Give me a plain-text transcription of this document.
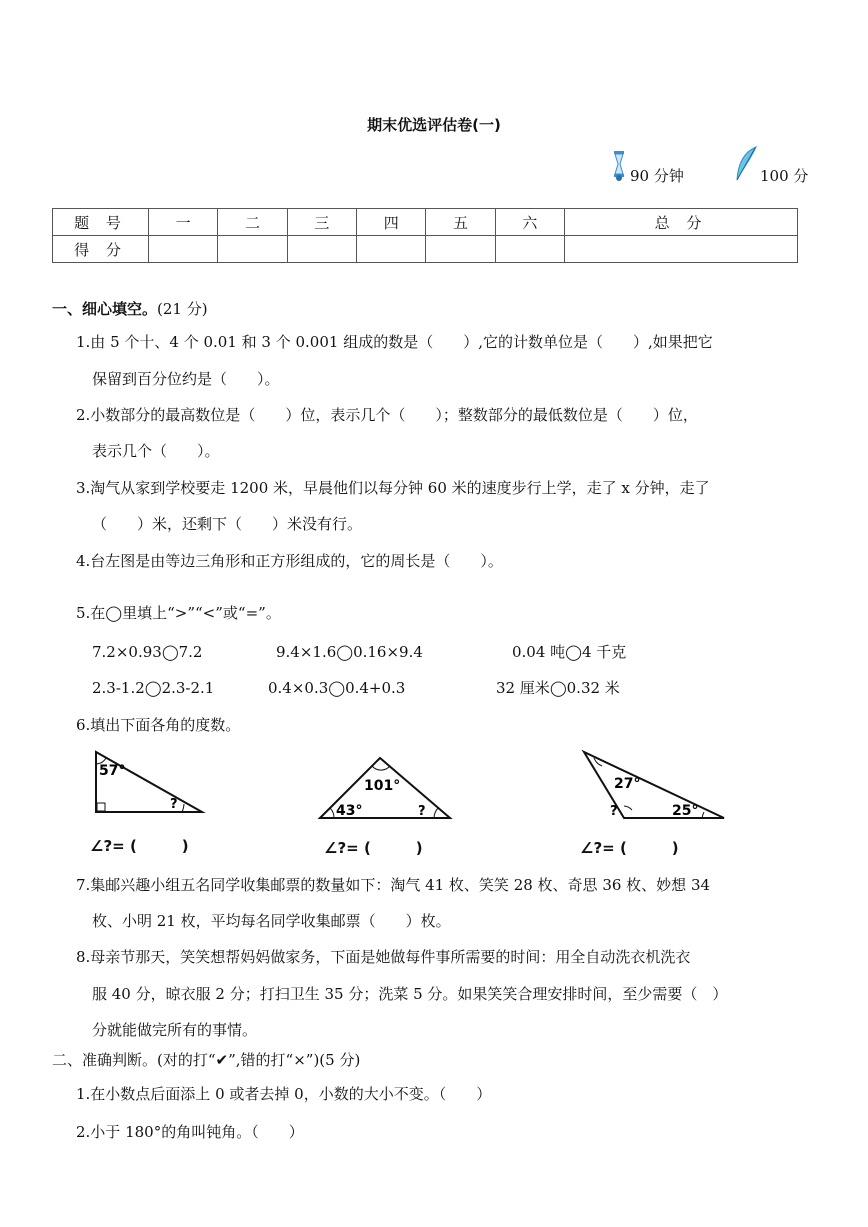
期末优选评估卷(一)
90 分钟	100 分
题 号	一	二	三	四	五	六	总 分
得 分							
一、细心填空。(21 分)
1.由 5 个十、4 个 0.01 和 3 个 0.001 组成的数是（　　）,它的计数单位是（　　）,如果把它
保留到百分位约是（　　）。
2.小数部分的最高数位是（　　）位，表示几个（　　）；整数部分的最低数位是（　　）位，
表示几个（　　）。
3.淘气从家到学校要走 1200 米，早晨他们以每分钟 60 米的速度步行上学，走了 x 分钟，走了
（　　）米，还剩下（　　）米没有行。
4.台左图是由等边三角形和正方形组成的，它的周长是（　　）。
5.在◯里填上“>”“<”或“=”。
7.2×0.93◯7.2	9.4×1.6◯0.16×9.4	0.04 吨◯4 千克
2.3-1.2◯2.3-2.1	0.4×0.3◯0.4+0.3	32 厘米◯0.32 米
6.填出下面各角的度数。
57°
?
101°
43°	?
27°
?	25°
∠?= (　　　)	∠?= (　　　)	∠?= (　　　)
7.集邮兴趣小组五名同学收集邮票的数量如下：淘气 41 枚、笑笑 28 枚、奇思 36 枚、妙想 34
枚、小明 21 枚，平均每名同学收集邮票（　　）枚。
8.母亲节那天，笑笑想帮妈妈做家务，下面是她做每件事所需要的时间：用全自动洗衣机洗衣
服 40 分，晾衣服 2 分；打扫卫生 35 分；洗菜 5 分。如果笑笑合理安排时间，至少需要（　）
分就能做完所有的事情。
二、准确判断。(对的打“✔”,错的打“×”)(5 分)
1.在小数点后面添上 0 或者去掉 0，小数的大小不变。（　　）
2.小于 180°的角叫钝角。（　　）
